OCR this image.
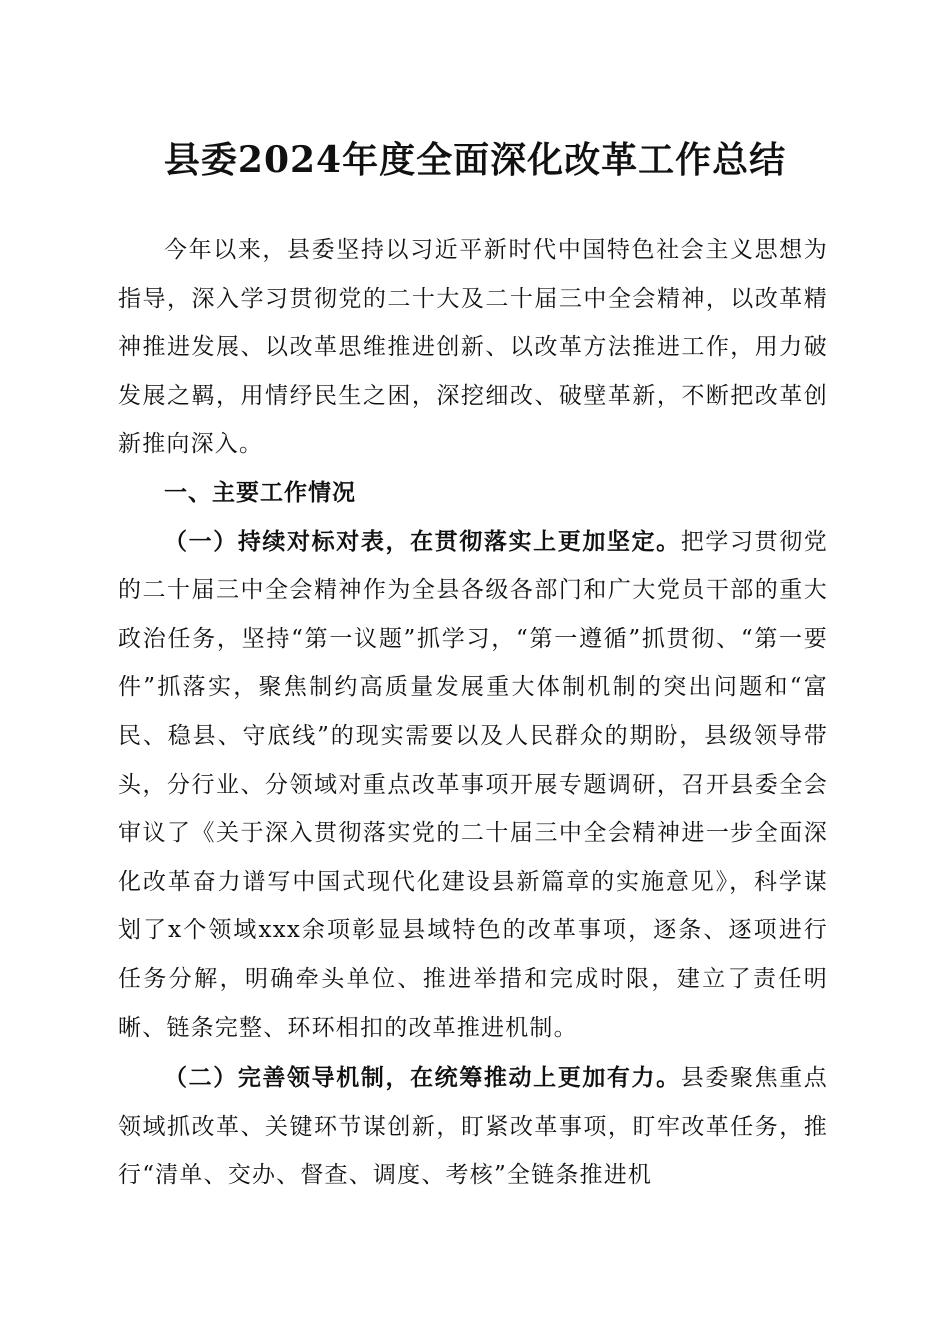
县委2024年度全面深化改革工作总结

今年以来，县委坚持以习近平新时代中国特色社会主义思想为指导，深入学习贯彻党的二十大及二十届三中全会精神，以改革精神推进发展、以改革思维推进创新、以改革方法推进工作，用力破发展之羁，用情纾民生之困，深挖细改、破壁革新，不断把改革创新推向深入。

一、主要工作情况

（一）持续对标对表，在贯彻落实上更加坚定。把学习贯彻党的二十届三中全会精神作为全县各级各部门和广大党员干部的重大政治任务，坚持“第一议题”抓学习，“第一遵循”抓贯彻、“第一要件”抓落实，聚焦制约高质量发展重大体制机制的突出问题和“富民、稳县、守底线”的现实需要以及人民群众的期盼，县级领导带头，分行业、分领域对重点改革事项开展专题调研，召开县委全会审议了《关于深入贯彻落实党的二十届三中全会精神进一步全面深化改革奋力谱写中国式现代化建设县新篇章的实施意见》，科学谋划了x个领域xxx余项彰显县域特色的改革事项，逐条、逐项进行任务分解，明确牵头单位、推进举措和完成时限，建立了责任明晰、链条完整、环环相扣的改革推进机制。

（二）完善领导机制，在统筹推动上更加有力。县委聚焦重点领域抓改革、关键环节谋创新，盯紧改革事项，盯牢改革任务，推行“清单、交办、督查、调度、考核”全链条推进机
